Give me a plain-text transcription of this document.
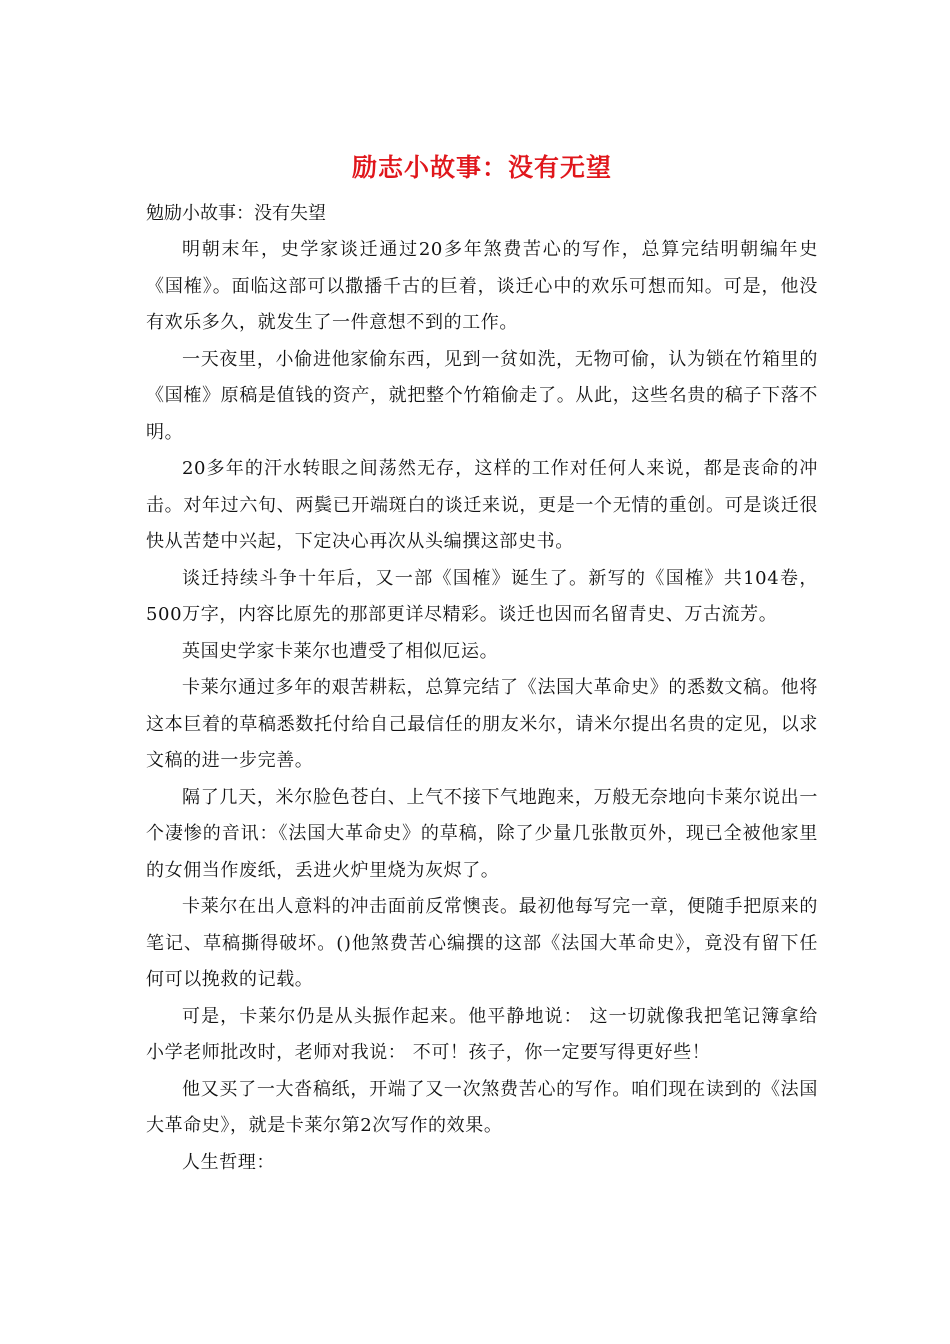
励志小故事：没有无望

勉励小故事：没有失望

明朝末年，史学家谈迁通过20多年煞费苦心的写作，总算完结明朝编年史 《国榷》。面临这部可以撒播千古的巨着，谈迁心中的欢乐可想而知。可是，他没有欢乐多久，就发生了一件意想不到的工作。

一天夜里，小偷进他家偷东西，见到一贫如洗，无物可偷，认为锁在竹箱里的《国榷》原稿是值钱的资产，就把整个竹箱偷走了。从此，这些名贵的稿子下落不明。

20多年的汗水转眼之间荡然无存，这样的工作对任何人来说，都是丧命的冲击。对年过六旬、两鬓已开端斑白的谈迁来说，更是一个无情的重创。可是谈迁很快从苦楚中兴起，下定决心再次从头编撰这部史书。

谈迁持续斗争十年后，又一部《国榷》诞生了。新写的《国榷》共104卷，500万字，内容比原先的那部更详尽精彩。谈迁也因而名留青史、万古流芳。

英国史学家卡莱尔也遭受了相似厄运。

卡莱尔通过多年的艰苦耕耘，总算完结了《法国大革命史》的悉数文稿。他将这本巨着的草稿悉数托付给自己最信任的朋友米尔，请米尔提出名贵的定见，以求文稿的进一步完善。

隔了几天，米尔脸色苍白、上气不接下气地跑来，万般无奈地向卡莱尔说出一个凄惨的音讯：《法国大革命史》的草稿，除了少量几张散页外，现已全被他家里的女佣当作废纸，丢进火炉里烧为灰烬了。

卡莱尔在出人意料的冲击面前反常懊丧。最初他每写完一章，便随手把原来的笔记、草稿撕得破坏。()他煞费苦心编撰的这部《法国大革命史》，竟没有留下任何可以挽救的记载。

可是，卡莱尔仍是从头振作起来。他平静地说： 这一切就像我把笔记簿拿给小学老师批改时，老师对我说： 不可！孩子，你一定要写得更好些！

他又买了一大沓稿纸，开端了又一次煞费苦心的写作。咱们现在读到的《法国大革命史》，就是卡莱尔第2次写作的效果。

人生哲理：
